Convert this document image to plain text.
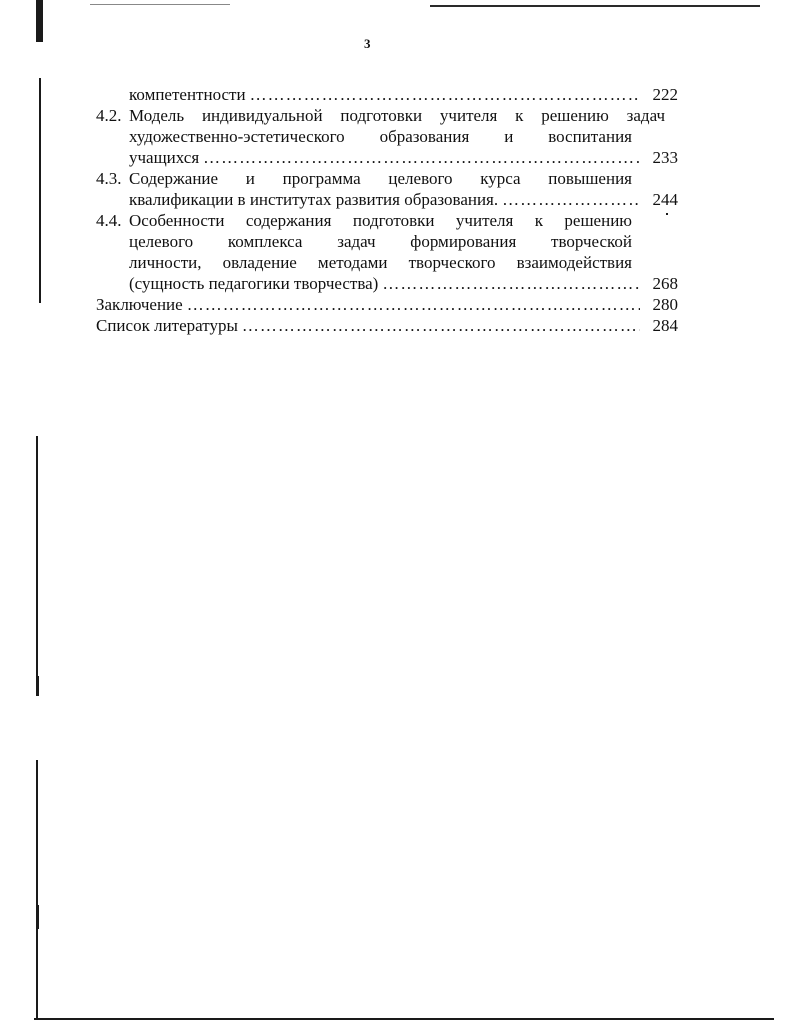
3
компетентности ……………………………………………………………………………………………………………………	222
4.2. Модель индивидуальной подготовки учителя к решению задач
художественно-эстетического образования и воспитания
учащихся ……………………………………………………………………………………………………………………	233
4.3. Содержание и программа целевого курса повышения
квалификации в институтах развития образования. ……………………………………………………………………………………………………………………	244
4.4. Особенности содержания подготовки учителя к решению
целевого комплекса задач формирования творческой
личности, овладение методами творческого взаимодействия
(сущность педагогики творчества) ……………………………………………………………………………………………………………………	268
Заключение ……………………………………………………………………………………………………………………	280
Список литературы ……………………………………………………………………………………………………………………	284
